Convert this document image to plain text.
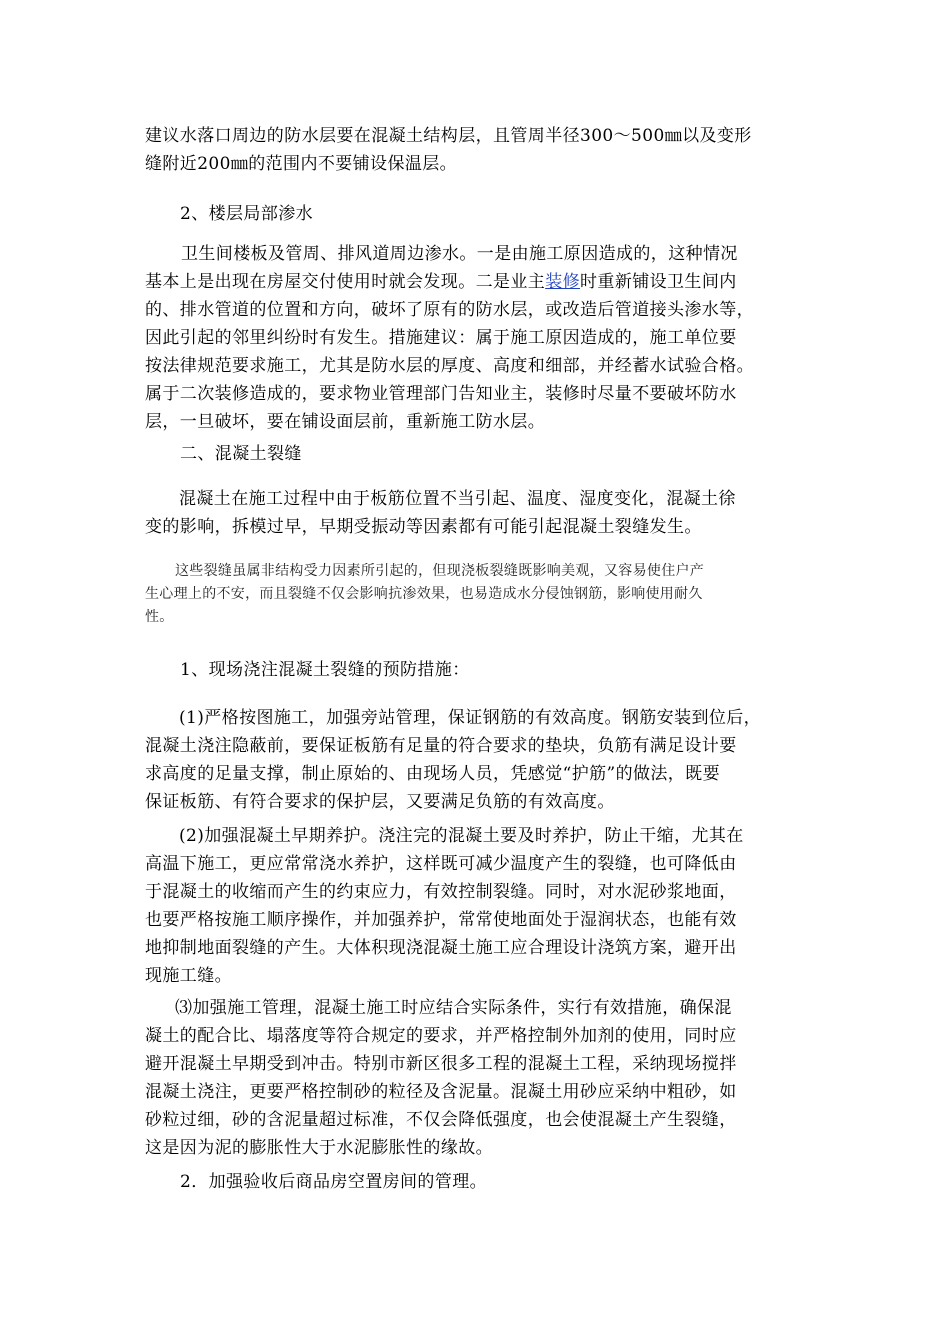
建议水落口周边的防水层要在混凝土结构层，且管周半径300～500㎜以及变形
缝附近200㎜的范围内不要铺设保温层。
2、楼层局部渗水
卫生间楼板及管周、排风道周边渗水。一是由施工原因造成的，这种情况
基本上是出现在房屋交付使用时就会发现。二是业主装修时重新铺设卫生间内
的、排水管道的位置和方向，破坏了原有的防水层，或改造后管道接头渗水等，
因此引起的邻里纠纷时有发生。措施建议：属于施工原因造成的，施工单位要
按法律规范要求施工，尤其是防水层的厚度、高度和细部，并经蓄水试验合格。
属于二次装修造成的，要求物业管理部门告知业主，装修时尽量不要破坏防水
层，一旦破坏，要在铺设面层前，重新施工防水层。
二、混凝土裂缝
混凝土在施工过程中由于板筋位置不当引起、温度、湿度变化，混凝土徐
变的影响，拆模过早，早期受振动等因素都有可能引起混凝土裂缝发生。
这些裂缝虽属非结构受力因素所引起的，但现浇板裂缝既影响美观，又容易使住户产
生心理上的不安，而且裂缝不仅会影响抗渗效果，也易造成水分侵蚀钢筋，影响使用耐久
性。
1、现场浇注混凝土裂缝的预防措施：
(1)严格按图施工，加强旁站管理，保证钢筋的有效高度。钢筋安装到位后，
混凝土浇注隐蔽前，要保证板筋有足量的符合要求的垫块，负筋有满足设计要
求高度的足量支撑，制止原始的、由现场人员，凭感觉“护筋”的做法，既要
保证板筋、有符合要求的保护层，又要满足负筋的有效高度。
(2)加强混凝土早期养护。浇注完的混凝土要及时养护，防止干缩，尤其在
高温下施工，更应常常浇水养护，这样既可减少温度产生的裂缝，也可降低由
于混凝土的收缩而产生的约束应力，有效控制裂缝。同时，对水泥砂浆地面，
也要严格按施工顺序操作，并加强养护，常常使地面处于湿润状态，也能有效
地抑制地面裂缝的产生。大体积现浇混凝土施工应合理设计浇筑方案，避开出
现施工缝。
⑶加强施工管理，混凝土施工时应结合实际条件，实行有效措施，确保混
凝土的配合比、塌落度等符合规定的要求，并严格控制外加剂的使用，同时应
避开混凝土早期受到冲击。特别市新区很多工程的混凝土工程，采纳现场搅拌
混凝土浇注，更要严格控制砂的粒径及含泥量。混凝土用砂应采纳中粗砂，如
砂粒过细，砂的含泥量超过标准，不仅会降低强度，也会使混凝土产生裂缝，
这是因为泥的膨胀性大于水泥膨胀性的缘故。
2．加强验收后商品房空置房间的管理。
